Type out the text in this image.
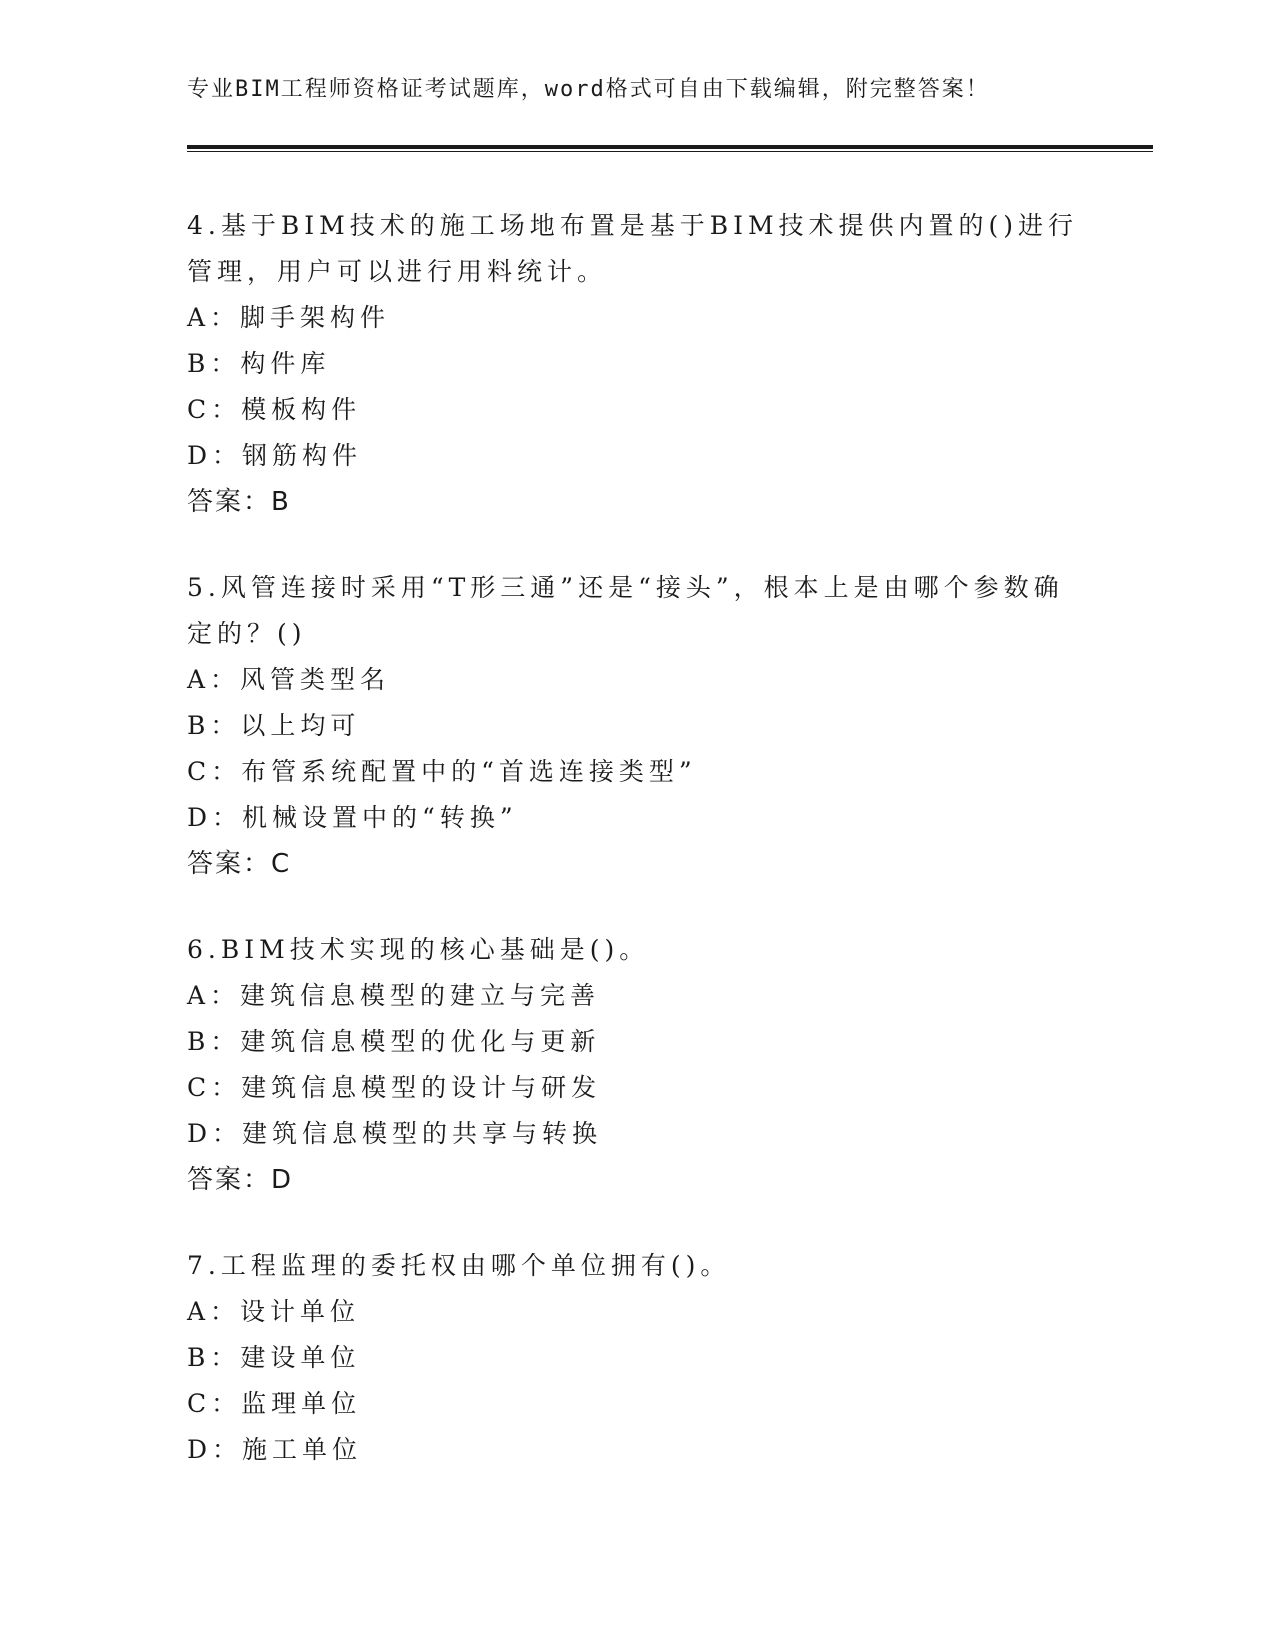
专业BIM工程师资格证考试题库，word格式可自由下载编辑，附完整答案！

4.基于BIM技术的施工场地布置是基于BIM技术提供内置的()进行管理，用户可以进行用料统计。

A：脚手架构件
B：构件库
C：模板构件
D：钢筋构件
答案：B

5.风管连接时采用“T形三通”还是“接头”，根本上是由哪个参数确定的？()

A：风管类型名
B：以上均可
C：布管系统配置中的“首选连接类型”
D：机械设置中的“转换”
答案：C

6.BIM技术实现的核心基础是()。

A：建筑信息模型的建立与完善
B：建筑信息模型的优化与更新
C：建筑信息模型的设计与研发
D：建筑信息模型的共享与转换
答案：D

7.工程监理的委托权由哪个单位拥有()。

A：设计单位
B：建设单位
C：监理单位
D：施工单位
